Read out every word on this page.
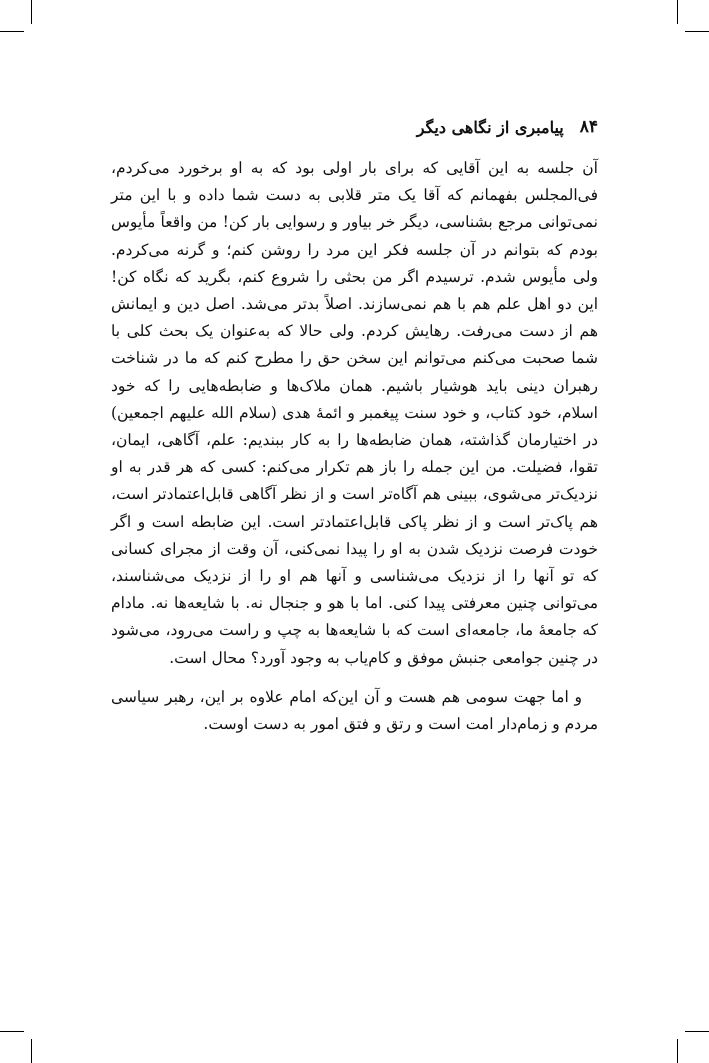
۸۴
پیامبری از نگاهی دیگر

آن جلسه به این آقایی که برای بار اولی بود که به او برخورد می‌کردم، فی‌المجلس بفهمانم که آقا یک متر قلابی به دست شما داده و با این متر نمی‌توانی مرجع بشناسی، دیگر خر بیاور و رسوایی بار کن! من واقعاً مأیوس بودم که بتوانم در آن جلسه فکر این مرد را روشن کنم؛ و گرنه می‌کردم. ولی مأیوس شدم. ترسیدم اگر من بحثی را شروع کنم، بگرید که نگاه کن! این دو اهل علم هم با هم نمی‌سازند. اصلاً بدتر می‌شد. اصل دین و ایمانش هم از دست می‌رفت. رهایش کردم. ولی حالا که به‌عنوان یک بحث کلی با شما صحبت می‌کنم می‌توانم این سخن حق را مطرح کنم که ما در شناخت رهبران دینی باید هوشیار باشیم. همان ملاک‌ها و ضابطه‌هایی را که خود اسلام، خود کتاب، و خود سنت پیغمبر و ائمهٔ هدی (سلام الله علیهم اجمعین) در اختیارمان گذاشته، همان ضابطه‌ها را به کار ببندیم: علم، آگاهی، ایمان، تقوا، فضیلت. من این جمله را باز هم تکرار می‌کنم: کسی که هر قدر به او نزدیک‌تر می‌شوی، ببینی هم آگاه‌تر است و از نظر آگاهی قابل‌اعتمادتر است، هم پاک‌تر است و از نظر پاکی قابل‌اعتمادتر است. این ضابطه است و اگر خودت فرصت نزدیک شدن به او را پیدا نمی‌کنی، آن وقت از مجرای کسانی که تو آنها را از نزدیک می‌شناسی و آنها هم او را از نزدیک می‌شناسند، می‌توانی چنین معرفتی پیدا کنی. اما با هو و جنجال نه. با شایعه‌ها نه. مادام که جامعهٔ ما، جامعه‌ای است که با شایعه‌ها به چپ و راست می‌رود، می‌شود در چنین جوامعی جنبش موفق و کام‌یاب به وجود آورد؟ محال است.

و اما جهت سومی هم هست و آن این‌که امام علاوه بر این، رهبر سیاسی مردم و زمام‌دار امت است و رتق و فتق امور به دست اوست.
